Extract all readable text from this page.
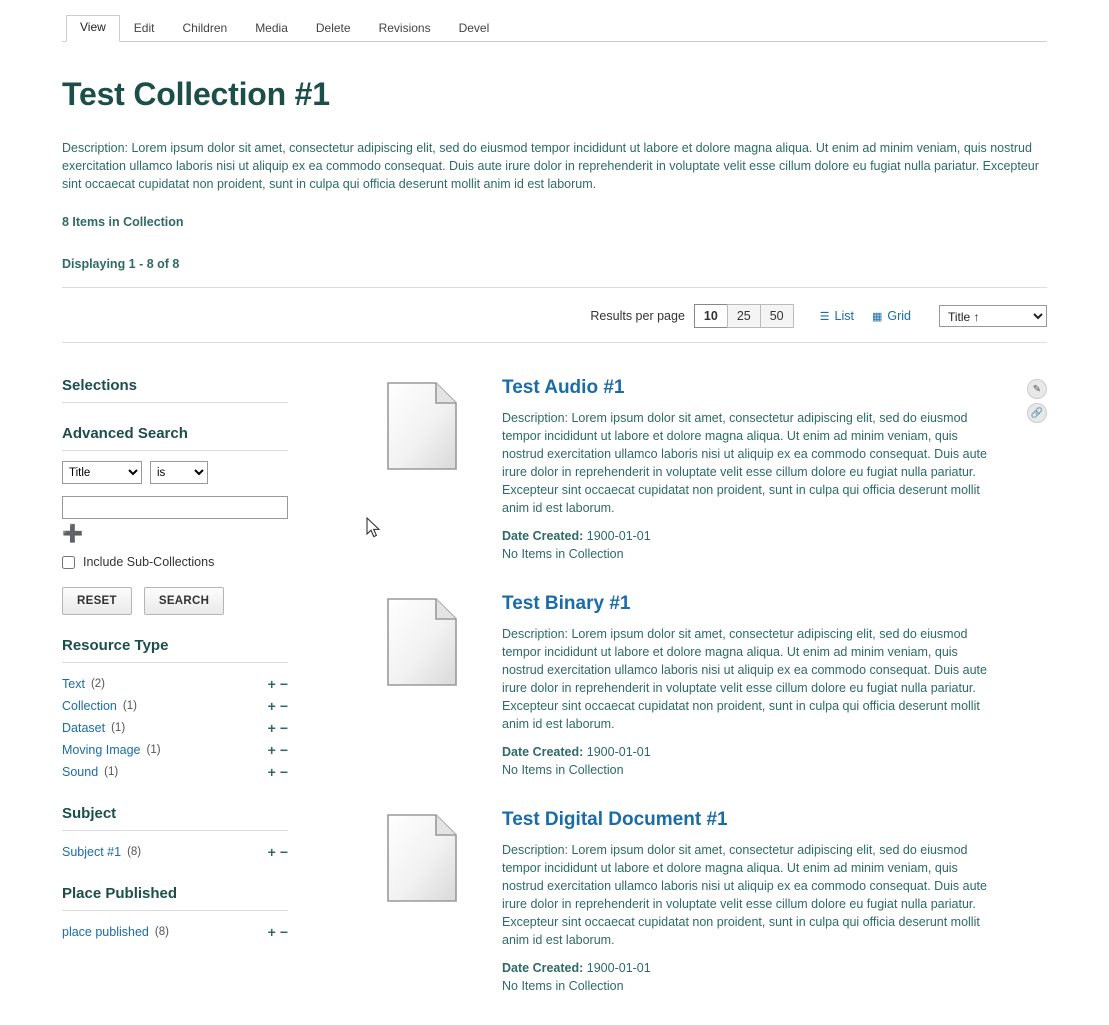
View	Edit	Children	Media	Delete	Revisions	Devel
Test Collection #1

Description: Lorem ipsum dolor sit amet, consectetur adipiscing elit, sed do eiusmod tempor incididunt ut labore et dolore magna aliqua. Ut enim ad minim veniam, quis nostrud exercitation ullamco laboris nisi ut aliquip ex ea commodo consequat. Duis aute irure dolor in reprehenderit in voluptate velit esse cillum dolore eu fugiat nulla pariatur. Excepteur sint occaecat cupidatat non proident, sunt in culpa qui officia deserunt mollit anim id est laborum.

8 Items in Collection

Displaying 1 - 8 of 8

Results per page	10	25	50	☰ List ▦ Grid
Title ↑
Selections
Advanced Search
Title
is
➕
Include Sub-Collections
RESET	SEARCH
Resource Type
Text (2)	+ −
Collection (1)	+ −
Dataset (1)	+ −
Moving Image (1)	+ −
Sound (1)	+ −
Subject
Subject #1 (8)	+ −
Place Published
place published (8)	+ −
Test Audio #1
Description: Lorem ipsum dolor sit amet, consectetur adipiscing elit, sed do eiusmod tempor incididunt ut labore et dolore magna aliqua. Ut enim ad minim veniam, quis nostrud exercitation ullamco laboris nisi ut aliquip ex ea commodo consequat. Duis aute irure dolor in reprehenderit in voluptate velit esse cillum dolore eu fugiat nulla pariatur. Excepteur sint occaecat cupidatat non proident, sunt in culpa qui officia deserunt mollit anim id est laborum.
Date Created: 1900-01-01
No Items in Collection
✎
🔗
Test Binary #1
Description: Lorem ipsum dolor sit amet, consectetur adipiscing elit, sed do eiusmod tempor incididunt ut labore et dolore magna aliqua. Ut enim ad minim veniam, quis nostrud exercitation ullamco laboris nisi ut aliquip ex ea commodo consequat. Duis aute irure dolor in reprehenderit in voluptate velit esse cillum dolore eu fugiat nulla pariatur. Excepteur sint occaecat cupidatat non proident, sunt in culpa qui officia deserunt mollit anim id est laborum.
Date Created: 1900-01-01
No Items in Collection
Test Digital Document #1
Description: Lorem ipsum dolor sit amet, consectetur adipiscing elit, sed do eiusmod tempor incididunt ut labore et dolore magna aliqua. Ut enim ad minim veniam, quis nostrud exercitation ullamco laboris nisi ut aliquip ex ea commodo consequat. Duis aute irure dolor in reprehenderit in voluptate velit esse cillum dolore eu fugiat nulla pariatur. Excepteur sint occaecat cupidatat non proident, sunt in culpa qui officia deserunt mollit anim id est laborum.
Date Created: 1900-01-01
No Items in Collection
